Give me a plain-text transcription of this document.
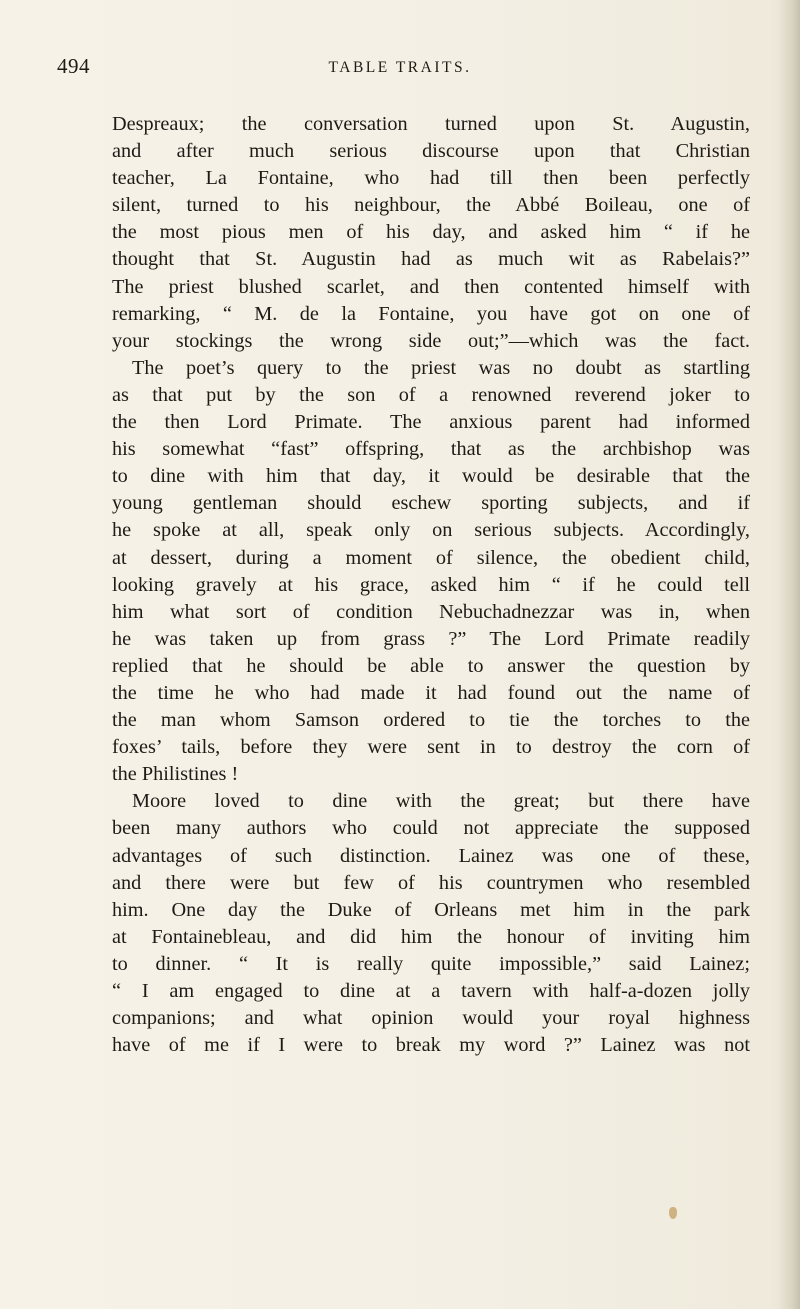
494	TABLE TRAITS.
Despreaux; the conversation turned upon St. Augustin,
and after much serious discourse upon that Christian
teacher, La Fontaine, who had till then been perfectly
silent, turned to his neighbour, the Abbé Boileau, one of
the most pious men of his day, and asked him “ if he
thought that St. Augustin had as much wit as Rabelais?”
The priest blushed scarlet, and then contented himself with
remarking, “ M. de la Fontaine, you have got on one of
your stockings the wrong side out;”—which was the fact.
The poet’s query to the priest was no doubt as startling
as that put by the son of a renowned reverend joker to
the then Lord Primate. The anxious parent had informed
his somewhat “fast” offspring, that as the archbishop was
to dine with him that day, it would be desirable that the
young gentleman should eschew sporting subjects, and if
he spoke at all, speak only on serious subjects. Accordingly,
at dessert, during a moment of silence, the obedient child,
looking gravely at his grace, asked him “ if he could tell
him what sort of condition Nebuchadnezzar was in, when
he was taken up from grass ?” The Lord Primate readily
replied that he should be able to answer the question by
the time he who had made it had found out the name of
the man whom Samson ordered to tie the torches to the
foxes’ tails, before they were sent in to destroy the corn of
the Philistines !
Moore loved to dine with the great; but there have
been many authors who could not appreciate the supposed
advantages of such distinction. Lainez was one of these,
and there were but few of his countrymen who resembled
him. One day the Duke of Orleans met him in the park
at Fontainebleau, and did him the honour of inviting him
to dinner. “ It is really quite impossible,” said Lainez;
“ I am engaged to dine at a tavern with half-a-dozen jolly
companions; and what opinion would your royal highness
have of me if I were to break my word ?” Lainez was not
